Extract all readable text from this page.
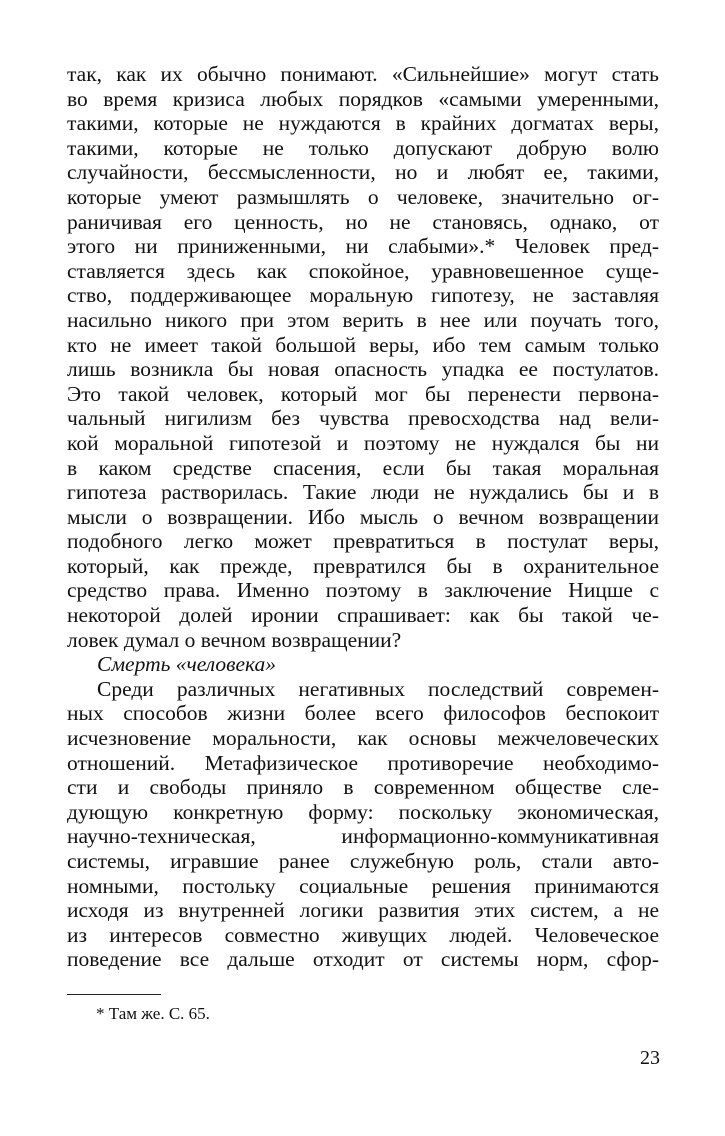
так, как их обычно понимают. «Сильнейшие» могут стать
во время кризиса любых порядков «самыми умеренными,
такими, которые не нуждаются в крайних догматах веры,
такими, которые не только допускают добрую волю
случайности, бессмысленности, но и любят ее, такими,
которые умеют размышлять о человеке, значительно ог-
раничивая его ценность, но не становясь, однако, от
этого ни приниженными, ни слабыми».* Человек пред-
ставляется здесь как спокойное, уравновешенное суще-
ство, поддерживающее моральную гипотезу, не заставляя
насильно никого при этом верить в нее или поучать того,
кто не имеет такой большой веры, ибо тем самым только
лишь возникла бы новая опасность упадка ее постулатов.
Это такой человек, который мог бы перенести первона-
чальный нигилизм без чувства превосходства над вели-
кой моральной гипотезой и поэтому не нуждался бы ни
в каком средстве спасения, если бы такая моральная
гипотеза растворилась. Такие люди не нуждались бы и в
мысли о возвращении. Ибо мысль о вечном возвращении
подобного легко может превратиться в постулат веры,
который, как прежде, превратился бы в охранительное
средство права. Именно поэтому в заключение Ницше с
некоторой долей иронии спрашивает: как бы такой че-
ловек думал о вечном возвращении?
Смерть «человека»
Среди различных негативных последствий современ-
ных способов жизни более всего философов беспокоит
исчезновение моральности, как основы межчеловеческих
отношений. Метафизическое противоречие необходимо-
сти и свободы приняло в современном обществе сле-
дующую конкретную форму: поскольку экономическая,
научно-техническая, информационно-коммуникативная
системы, игравшие ранее служебную роль, стали авто-
номными, постольку социальные решения принимаются
исходя из внутренней логики развития этих систем, а не
из интересов совместно живущих людей. Человеческое
поведение все дальше отходит от системы норм, сфор-
* Там же. С. 65.
23
